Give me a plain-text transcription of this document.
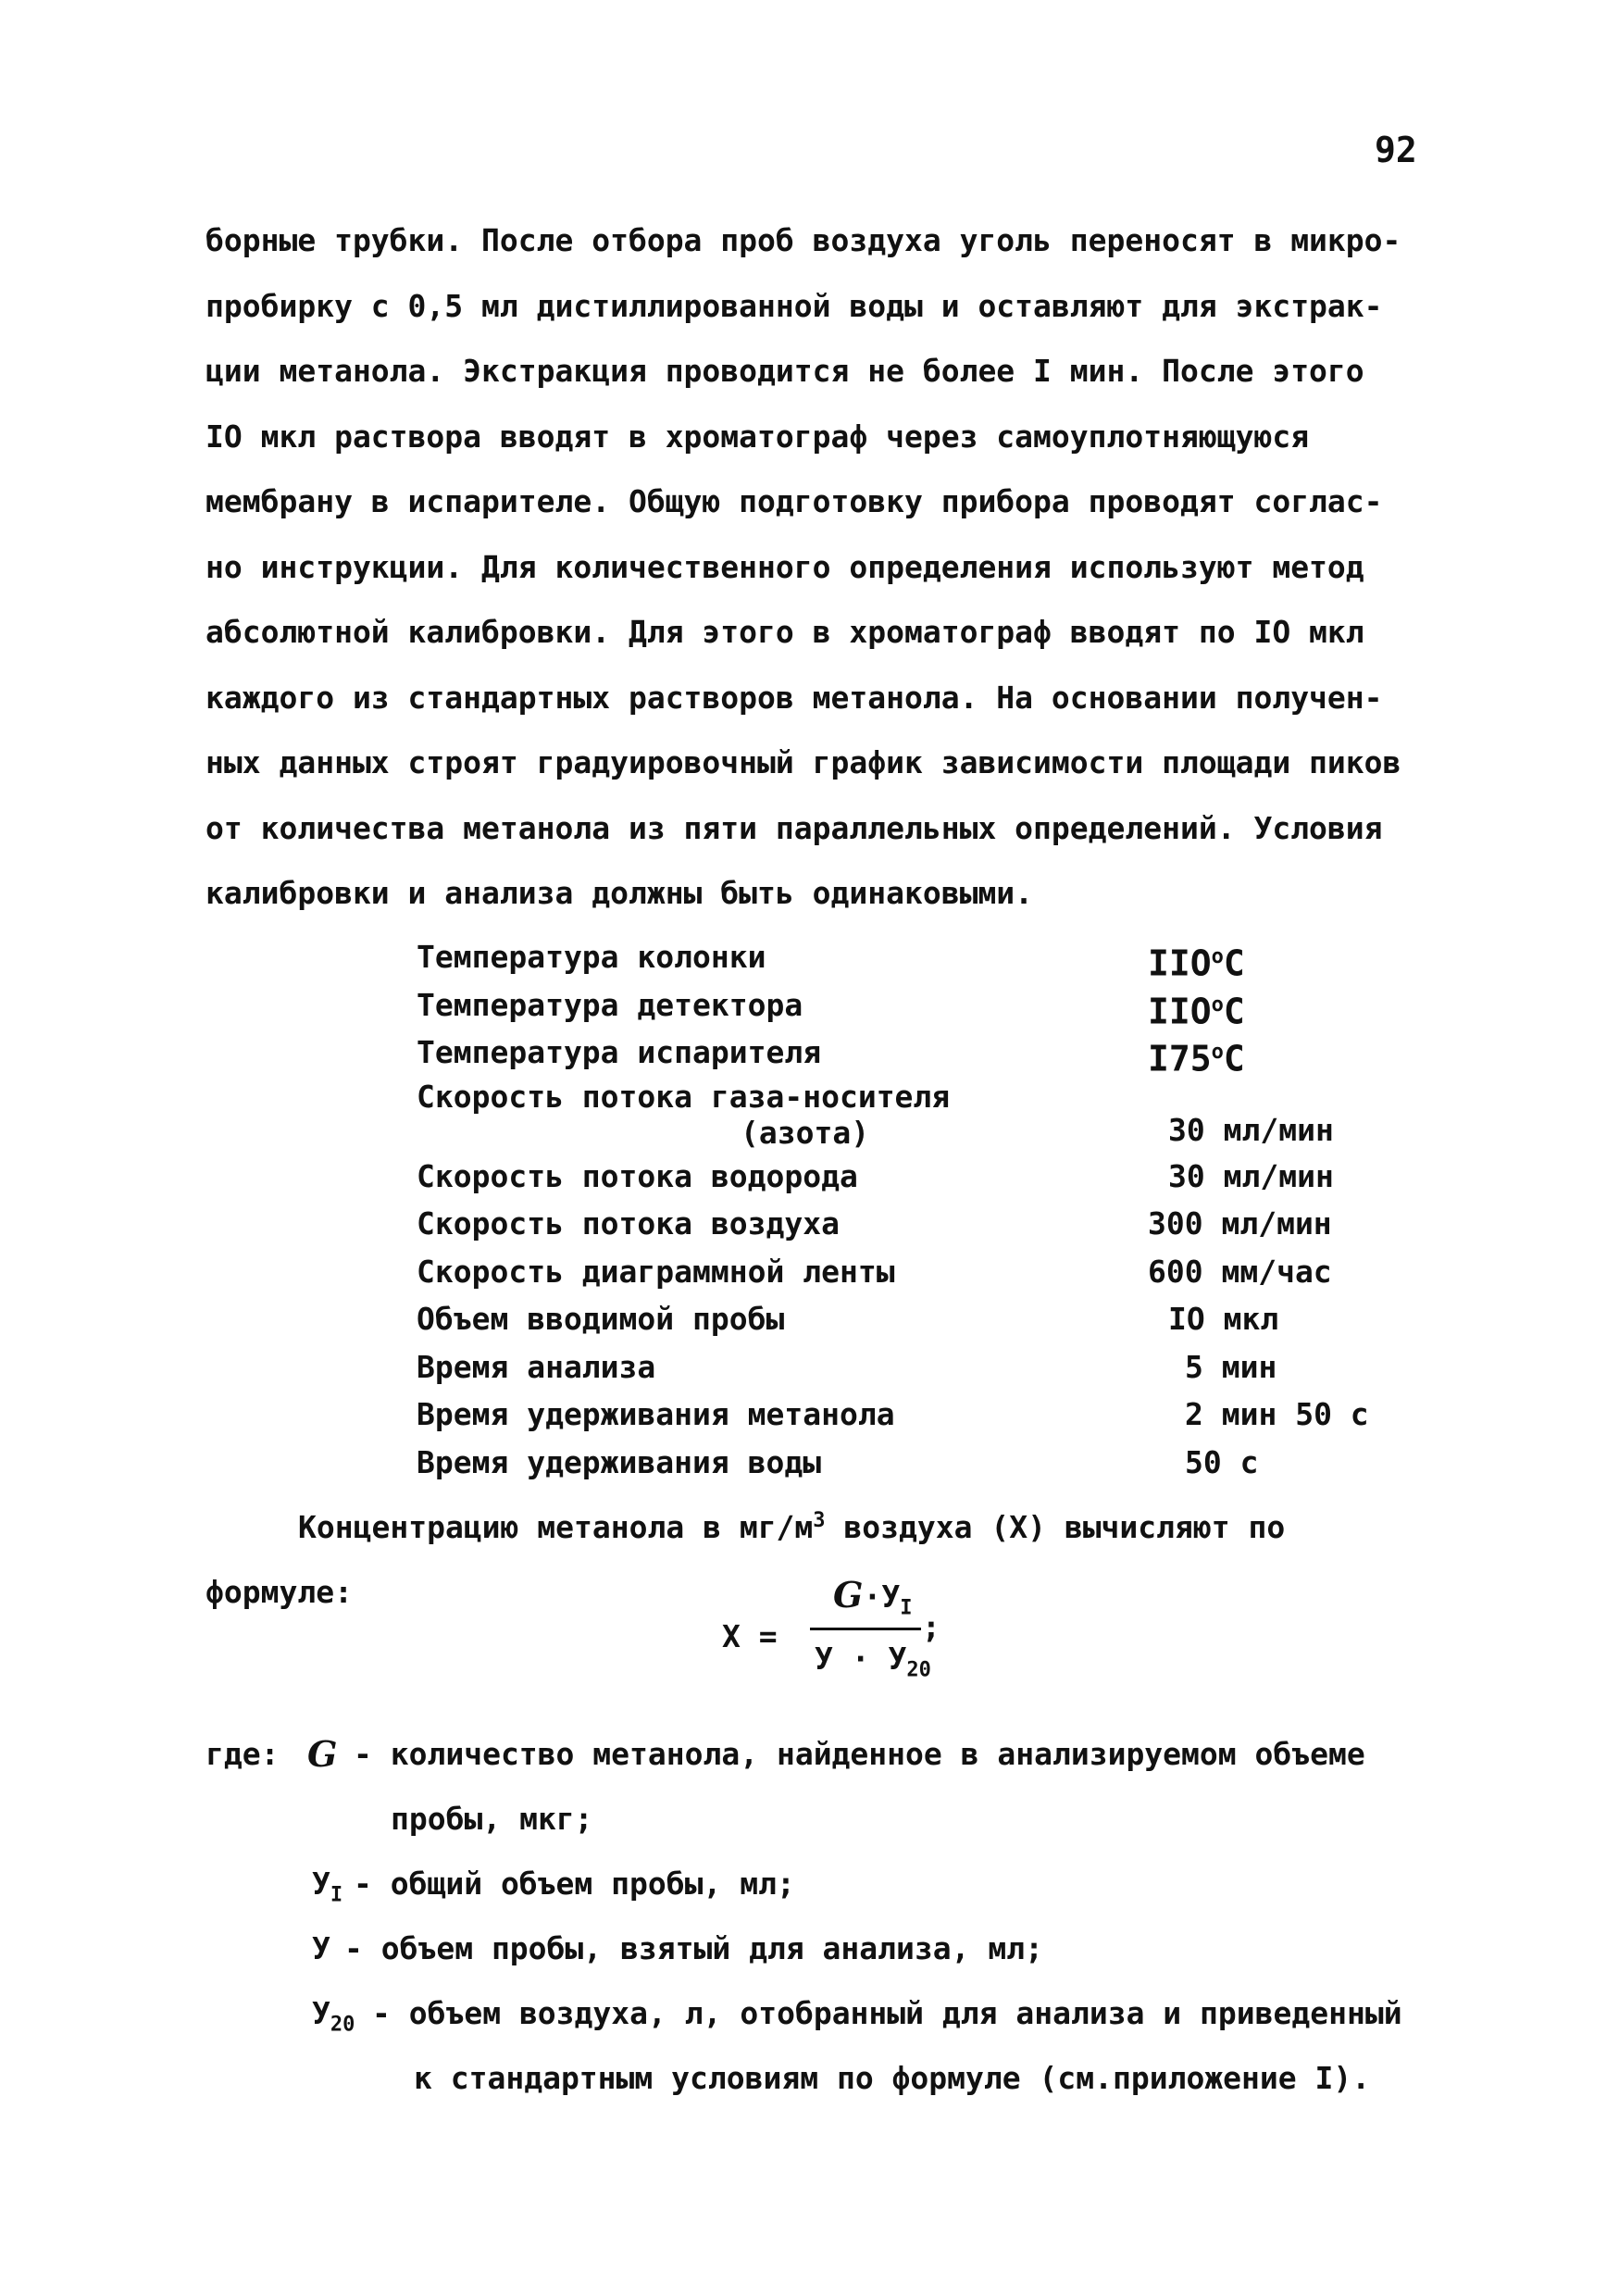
92
борные трубки. После отбора проб воздуха уголь переносят в микро-
пробирку с 0,5 мл дистиллированной воды и оставляют для экстрак-
ции метанола. Экстракция проводится не более I мин. После этого
IO мкл раствора вводят в хроматограф через самоуплотняющуюся
мембрану в испарителе. Общую подготовку прибора проводят соглас-
но инструкции. Для количественного определения используют метод
абсолютной калибровки. Для этого в хроматограф вводят по IO мкл
каждого из стандартных растворов метанола. На основании получен-
ных данных строят градуировочный график зависимости площади пиков
от количества метанола из пяти параллельных определений. Условия
калибровки и анализа должны быть одинаковыми.
Температура колонки	IIO$^o$C
Температура детектора	IIO$^o$C
Температура испарителя	I75$^o$C
Скорость потока газа-носителя
(азота)	30 мл/мин
Скорость потока водорода	30 мл/мин
Скорость потока воздуха	300 мл/мин
Скорость диаграммной ленты	600 мм/час
Объем вводимой пробы	IO мкл
Время анализа	5 мин
Время удерживания метанола	2 мин 50 с
Время удерживания воды	50 с
Концентрацию метанола в $мг/м^3$ воздуха (X) вычисляют по
формуле:
X =
$G\cdot У_I$
$У \cdot У_{20}$
;
где: G - количество метанола, найденное в анализируемом объеме
пробы, мкг;
$У_I$ - общий объем пробы, мл;
У - объем пробы, взятый для анализа, мл;
$У_{20}$ - объем воздуха, л, отобранный для анализа и приведенный
к стандартным условиям по формуле (см.приложение I).
